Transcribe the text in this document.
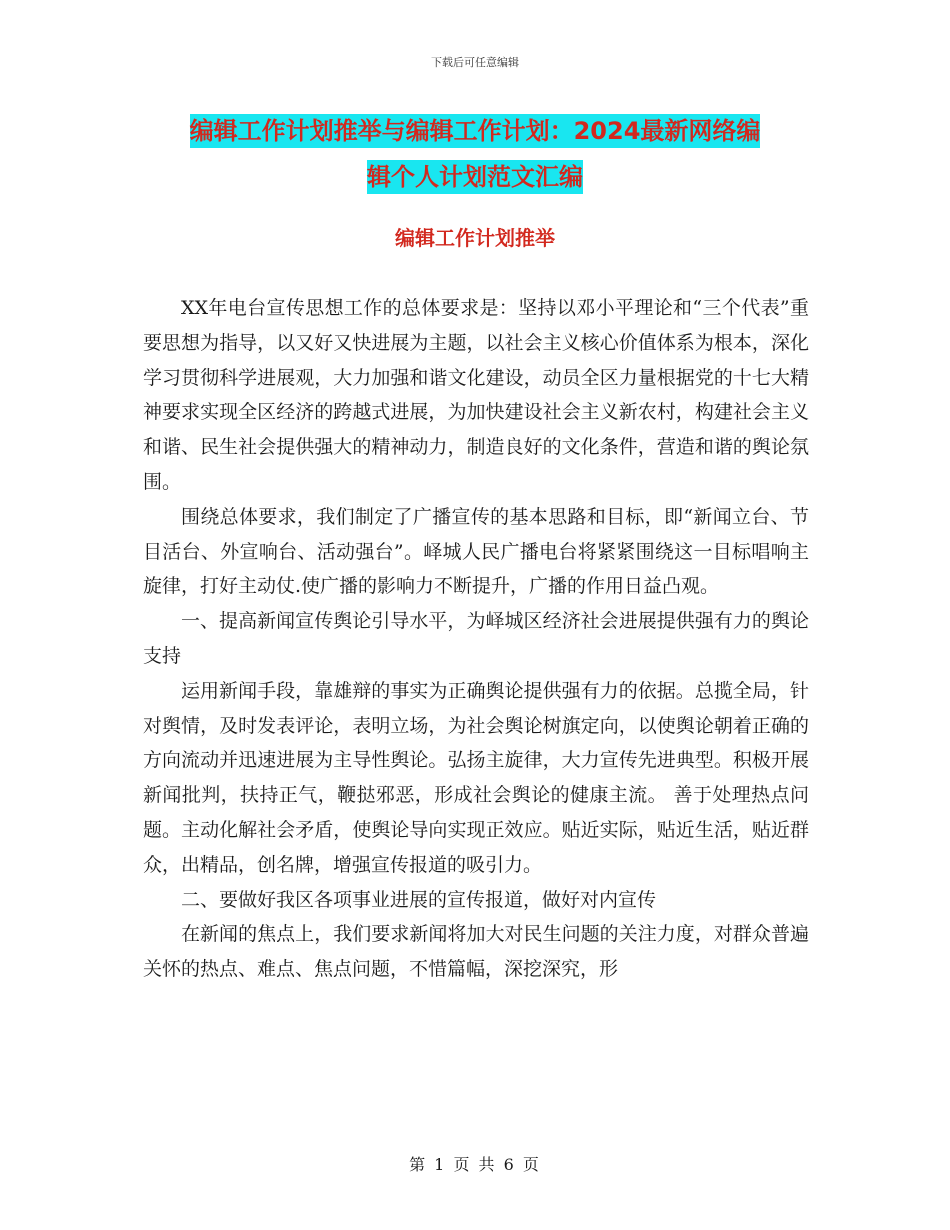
下载后可任意编辑
编辑工作计划推举与编辑工作计划：2024最新网络编
辑个人计划范文汇编
编辑工作计划推举

XX年电台宣传思想工作的总体要求是：坚持以邓小平理论和“三个代表”重要思想为指导，以又好又快进展为主题，以社会主义核心价值体系为根本，深化学习贯彻科学进展观，大力加强和谐文化建设，动员全区力量根据党的十七大精神要求实现全区经济的跨越式进展，为加快建设社会主义新农村，构建社会主义和谐、民生社会提供强大的精神动力，制造良好的文化条件，营造和谐的舆论氛围。

围绕总体要求，我们制定了广播宣传的基本思路和目标，即“新闻立台、节目活台、外宣响台、活动强台”。峄城人民广播电台将紧紧围绕这一目标唱响主旋律，打好主动仗.使广播的影响力不断提升，广播的作用日益凸观。

一、提高新闻宣传舆论引导水平，为峄城区经济社会进展提供强有力的舆论支持

运用新闻手段，靠雄辩的事实为正确舆论提供强有力的依据。总揽全局，针对舆情，及时发表评论，表明立场，为社会舆论树旗定向，以使舆论朝着正确的方向流动并迅速进展为主导性舆论。弘扬主旋律，大力宣传先进典型。积极开展新闻批判，扶持正气，鞭挞邪恶，形成社会舆论的健康主流。 善于处理热点问题。主动化解社会矛盾，使舆论导向实现正效应。贴近实际，贴近生活，贴近群众，出精品，创名牌，增强宣传报道的吸引力。

二、要做好我区各项事业进展的宣传报道，做好对内宣传

在新闻的焦点上，我们要求新闻将加大对民生问题的关注力度，对群众普遍关怀的热点、难点、焦点问题，不惜篇幅，深挖深究，形

第 1 页 共 6 页
